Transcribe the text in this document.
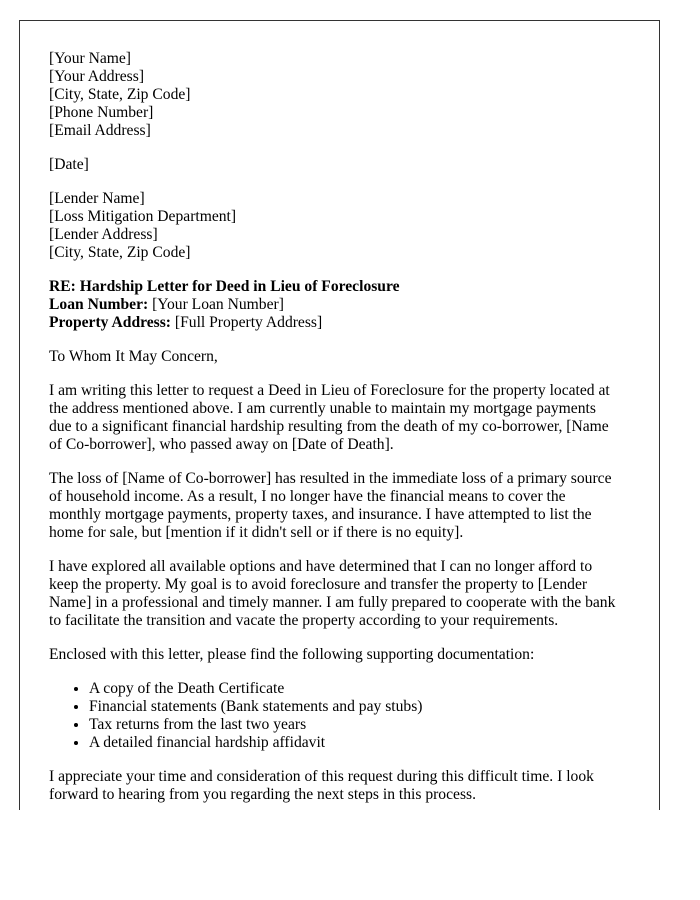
[Your Name]
[Your Address]
[City, State, Zip Code]
[Phone Number]
[Email Address]
[Date]
[Lender Name]
[Loss Mitigation Department]
[Lender Address]
[City, State, Zip Code]
RE: Hardship Letter for Deed in Lieu of Foreclosure
Loan Number: [Your Loan Number]
Property Address: [Full Property Address]

To Whom It May Concern,

I am writing this letter to request a Deed in Lieu of Foreclosure for the property located at
the address mentioned above. I am currently unable to maintain my mortgage payments
due to a significant financial hardship resulting from the death of my co-borrower, [Name
of Co-borrower], who passed away on [Date of Death].

The loss of [Name of Co-borrower] has resulted in the immediate loss of a primary source
of household income. As a result, I no longer have the financial means to cover the
monthly mortgage payments, property taxes, and insurance. I have attempted to list the
home for sale, but [mention if it didn't sell or if there is no equity].

I have explored all available options and have determined that I can no longer afford to
keep the property. My goal is to avoid foreclosure and transfer the property to [Lender
Name] in a professional and timely manner. I am fully prepared to cooperate with the bank
to facilitate the transition and vacate the property according to your requirements.

Enclosed with this letter, please find the following supporting documentation:

• A copy of the Death Certificate
• Financial statements (Bank statements and pay stubs)
• Tax returns from the last two years
• A detailed financial hardship affidavit

I appreciate your time and consideration of this request during this difficult time. I look
forward to hearing from you regarding the next steps in this process.
